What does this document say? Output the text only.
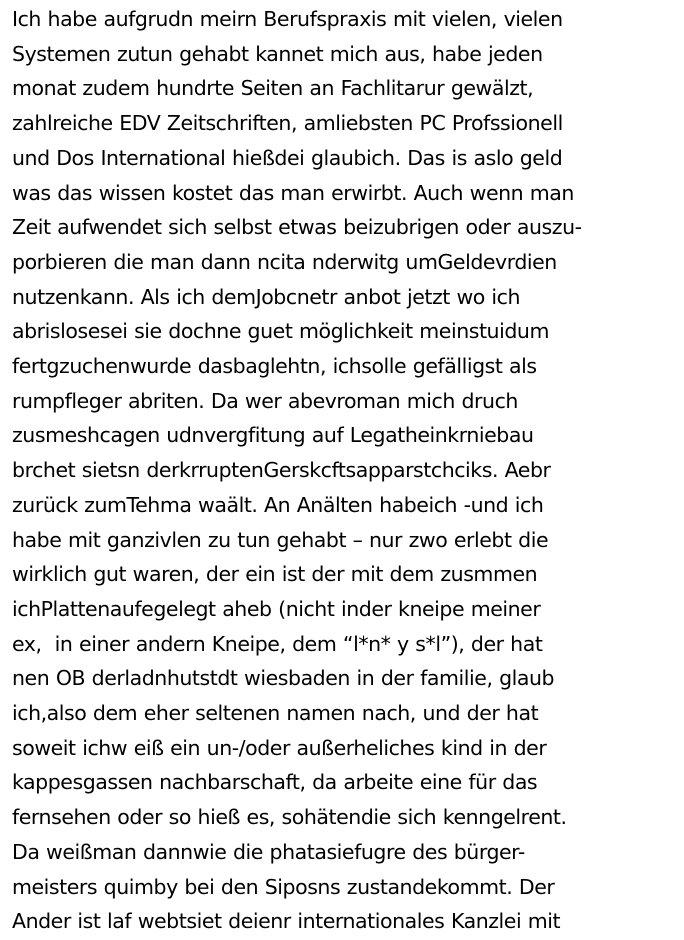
Ich habe aufgrudn meirn Berufspraxis mit vielen, vielen
Systemen zutun gehabt kannet mich aus, habe jeden
monat zudem hundrte Seiten an Fachlitarur gewälzt,
zahlreiche EDV Zeitschriften, amliebsten PC Profssionell
und Dos International hießdei glaubich. Das is aslo geld
was das wissen kostet das man erwirbt. Auch wenn man
Zeit aufwendet sich selbst etwas beizubrigen oder auszu-
porbieren die man dann ncita nderwitg umGeldevrdien
nutzenkann. Als ich demJobcnetr anbot jetzt wo ich
abrislosesei sie dochne guet möglichkeit meinstuidum
fertgzuchenwurde dasbaglehtn, ichsolle gefälligst als
rumpfleger abriten. Da wer abevroman mich druch
zusmeshcagen udnvergfitung auf Legatheinkrniebau
brchet sietsn derkrruptenGerskcftsapparstchciks. Aebr
zurück zumTehma waält. An Anälten habeich -und ich
habe mit ganzivlen zu tun gehabt – nur zwo erlebt die
wirklich gut waren, der ein ist der mit dem zusmmen
ichPlattenaufegelegt aheb (nicht inder kneipe meiner
ex,  in einer andern Kneipe, dem “l*n* y s*l”), der hat
nen OB derladnhutstdt wiesbaden in der familie, glaub
ich,also dem eher seltenen namen nach, und der hat
soweit ichw eiß ein un-/oder außerheliches kind in der
kappesgassen nachbarschaft, da arbeite eine für das
fernsehen oder so hieß es, sohätendie sich kenngelrent.
Da weißman dannwie die phatasiefugre des bürger-
meisters quimby bei den Siposns zustandekommt. Der
Ander ist laf webtsiet deienr internationales Kanzlei mit
